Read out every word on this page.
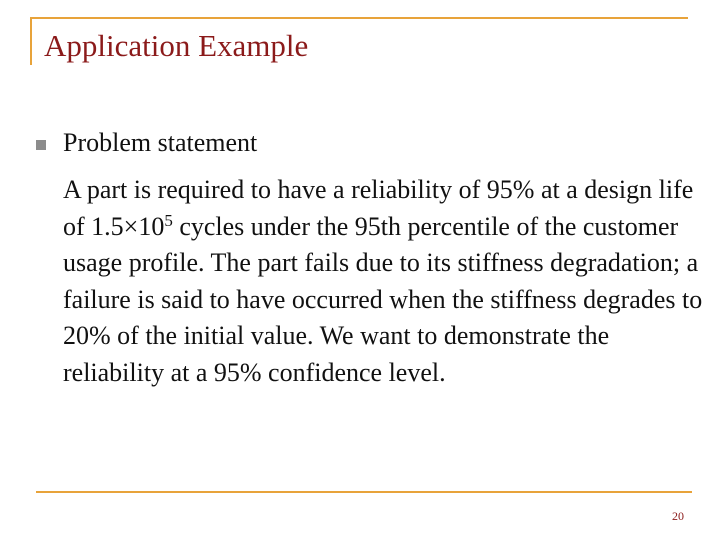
Application Example
Problem statement
A part is required to have a reliability of 95% at a design life of $1.5\times 10^5$ cycles under the 95th percentile of the customer usage profile. The part fails due to its stiffness degradation; a failure is said to have occurred when the stiffness degrades to 20% of the initial value. We want to demonstrate the reliability at a 95% confidence level.
20
